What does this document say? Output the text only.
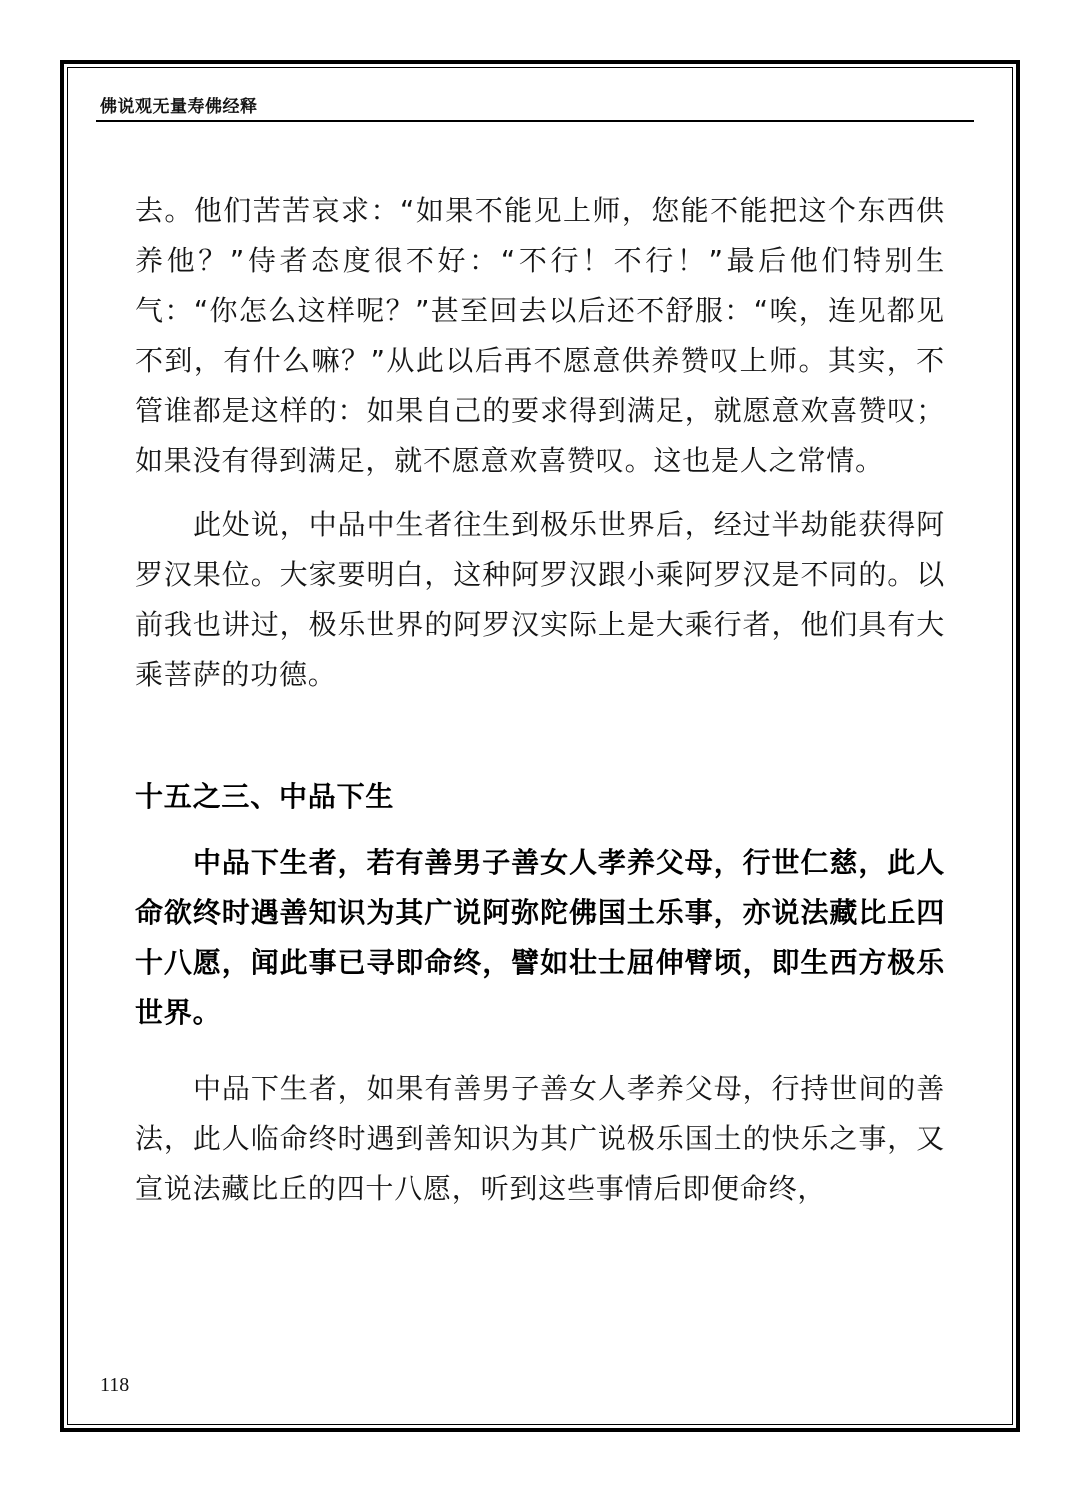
佛说观无量寿佛经释

去。他们苦苦哀求：“如果不能见上师，您能不能把这个东西供养他？”侍者态度很不好：“不行！不行！”最后他们特别生气：“你怎么这样呢？”甚至回去以后还不舒服：“唉，连见都见不到，有什么嘛？”从此以后再不愿意供养赞叹上师。其实，不管谁都是这样的：如果自己的要求得到满足，就愿意欢喜赞叹；如果没有得到满足，就不愿意欢喜赞叹。这也是人之常情。

此处说，中品中生者往生到极乐世界后，经过半劫能获得阿罗汉果位。大家要明白，这种阿罗汉跟小乘阿罗汉是不同的。以前我也讲过，极乐世界的阿罗汉实际上是大乘行者，他们具有大乘菩萨的功德。

十五之三、中品下生

中品下生者，若有善男子善女人孝养父母，行世仁慈，此人命欲终时遇善知识为其广说阿弥陀佛国土乐事，亦说法藏比丘四十八愿，闻此事已寻即命终，譬如壮士屈伸臂顷，即生西方极乐世界。

中品下生者，如果有善男子善女人孝养父母，行持世间的善法，此人临命终时遇到善知识为其广说极乐国土的快乐之事，又宣说法藏比丘的四十八愿，听到这些事情后即便命终，

118
